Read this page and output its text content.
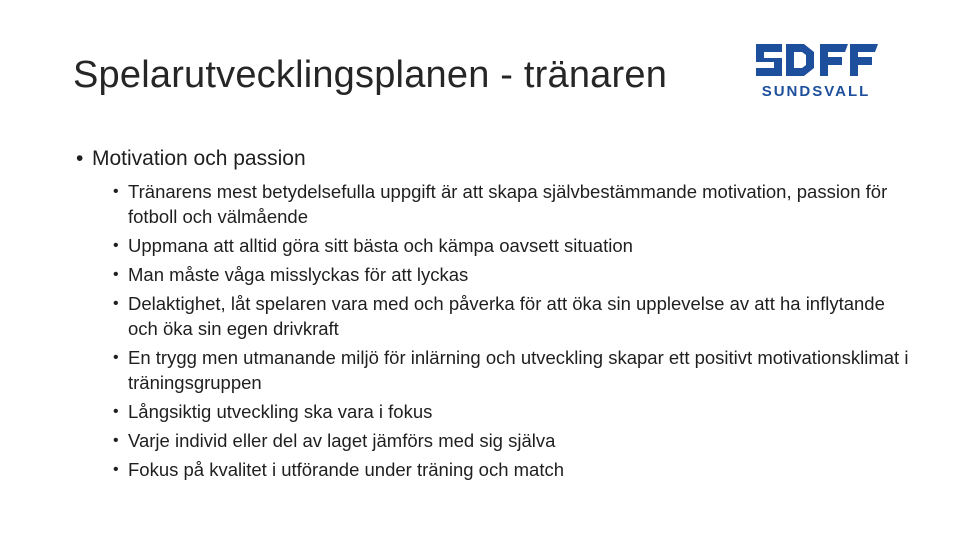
Spelarutvecklingsplanen - tränaren	SUNDSVALL
• Motivation och passion
• Tränarens mest betydelsefulla uppgift är att skapa självbestämmande motivation, passion för fotboll och välmående
• Uppmana att alltid göra sitt bästa och kämpa oavsett situation
• Man måste våga misslyckas för att lyckas
• Delaktighet, låt spelaren vara med och påverka för att öka sin upplevelse av att ha inflytande och öka sin egen drivkraft
• En trygg men utmanande miljö för inlärning och utveckling skapar ett positivt motivationsklimat i träningsgruppen
• Långsiktig utveckling ska vara i fokus
• Varje individ eller del av laget jämförs med sig själva
• Fokus på kvalitet i utförande under träning och match
